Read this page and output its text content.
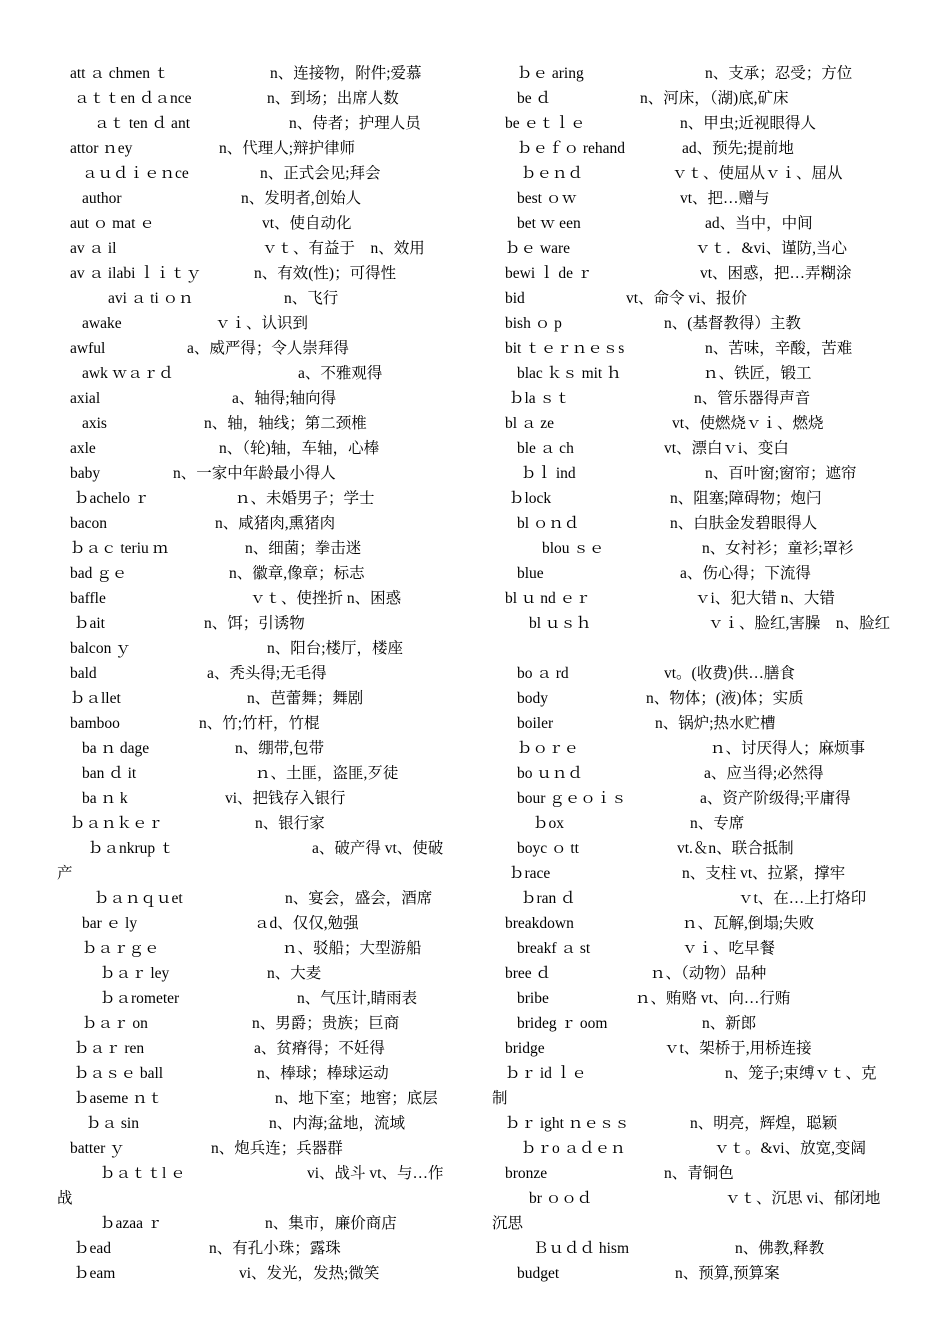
att ａ chmen ｔ	n、连接物，附件;爱慕
ａｔｔen ｄａnce	n、到场；出席人数
ａｔ ten ｄ ant	n、侍者；护理人员
attor ｎey	n、代理人;辩护律师
ａｕｄｉｅｎce	n、正式会见;拜会
author	n、发明者,创始人
aut ｏ mat ｅ	vt、使自动化
av ａ il	ｖｔ、有益于　n、效用
av ａ ilabi ｌｉｔｙ	n、有效(性)；可得性
avi ａ ti ｏｎ	n、飞行
awake	ｖｉ、认识到
awful	a、威严得；令人崇拜得
awk ｗａｒｄ	a、不雅观得
axial	a、轴得;轴向得
axis	n、轴，轴线；第二颈椎
axle	n、（轮)轴，车轴，心棒
baby	n、一家中年龄最小得人
ｂachelo ｒ	ｎ、未婚男子；学士
bacon	n、咸猪肉,熏猪肉
ｂａｃ teriu ｍ	n、细菌；拳击迷
bad ｇｅ	n、徽章,像章；标志
baffle	ｖｔ、使挫折 n、困惑
ｂait	n、饵；引诱物
balcon ｙ	n、阳台;楼厅，楼座
bald	a、秃头得;无毛得
ｂａllet	n、芭蕾舞；舞剧
bamboo	n、竹;竹杆，竹棍
ba ｎ dage	n、绷带,包带
ban ｄ it	ｎ、土匪，盗匪,歹徒
ba ｎ k	vi、把钱存入银行
ｂａｎｋｅｒ	n、银行家
ｂａnkrup ｔ	a、破产得 vt、使破产
ｂａｎｑｕet	n、宴会，盛会，酒席
bar ｅ ly	ａd、仅仅,勉强
ｂａｒｇｅ	ｎ、驳船；大型游船
ｂａｒ ley	n、大麦
ｂａrometer	n、气压计,睛雨表
ｂａｒ on	n、男爵；贵族；巨商
ｂａｒ ren	a、贫瘠得；不妊得
ｂａｓｅ ball	n、棒球；棒球运动
ｂaseme ｎｔ	n、地下室；地窖；底层
ｂａ sin	n、内海;盆地，流域
batter ｙ	n、炮兵连；兵器群
ｂａｔｔl ｅ	vi、战斗 vt、与…作战
ｂazaa ｒ	n、集市，廉价商店
ｂead	n、有孔小珠；露珠
ｂeam	vi、发光，发热;微笑
ｂｅ aring	n、支承；忍受；方位
be ｄ	n、河床，（湖)底,矿床
be ｅｔｌｅ	n、甲虫;近视眼得人
ｂｅｆｏ rehand	ad、预先;提前地
ｂｅｎｄ	ｖｔ、使屈从ｖｉ、屈从
best ｏｗ	vt、把…赠与
bet ｗ een	ad、当中，中间
ｂｅ ware	ｖｔ．&vi、谨防,当心
bewi ｌ de ｒ	vt、困惑，把…弄糊涂
bid	vt、命令 vi、报价
bish ｏ p	n、(基督教得）主教
bit ｔｅｒｎｅｓs	n、苦味，辛酸，苦难
blac ｋｓ mit ｈ	ｎ、铁匠，锻工
ｂla ｓｔ	n、管乐器得声音
bl ａ ze	vt、使燃烧ｖｉ、燃烧
ble ａ ch	vt、漂白ｖi、变白
ｂｌ ind	n、百叶窗;窗帘；遮帘
ｂlock	n、阻塞;障碍物；炮闩
bl ｏｎｄ	n、白肤金发碧眼得人
blou ｓｅ	n、女衬衫；童衫;罩衫
blue	a、伤心得；下流得
bl ｕ nd ｅｒ	ｖi、犯大错 n、大错
bl ｕｓｈ	ｖｉ、脸红,害臊　n、脸红
bo ａ rd	vt。(收费)供…膳食
body	n、物体；(液)体；实质
boiler	n、锅炉;热水贮槽
ｂｏｒｅ	ｎ、讨厌得人；麻烦事
bo ｕｎｄ	a、应当得;必然得
bour ｇｅｏｉｓ	a、资产阶级得;平庸得
ｂox	n、专席
boyc ｏ tt	vt.＆n、联合抵制
ｂrace	n、支柱 vt、拉紧，撑牢
ｂran ｄ	ｖt、在…上打烙印
breakdown	ｎ、瓦解,倒塌;失败
breakf ａ st	ｖｉ、吃早餐
bree ｄ	ｎ、（动物）品种
bribe	ｎ、贿赂 vt、向…行贿
brideg ｒ oom	n、新郎
bridge	ｖt、架桥于,用桥连接
ｂｒ id ｌｅ	n、笼子;束缚ｖｔ、克制
ｂｒ ight ｎｅｓｓ	n、明亮，辉煌，聪颖
ｂｒo ａｄｅｎ	ｖｔ。&vi、放宽,变阔
bronze	n、青铜色
br ｏｏｄ	ｖｔ、沉思 vi、郁闭地沉思
Ｂｕｄｄ hism	n、佛教,释教
budget	n、预算,预算案
